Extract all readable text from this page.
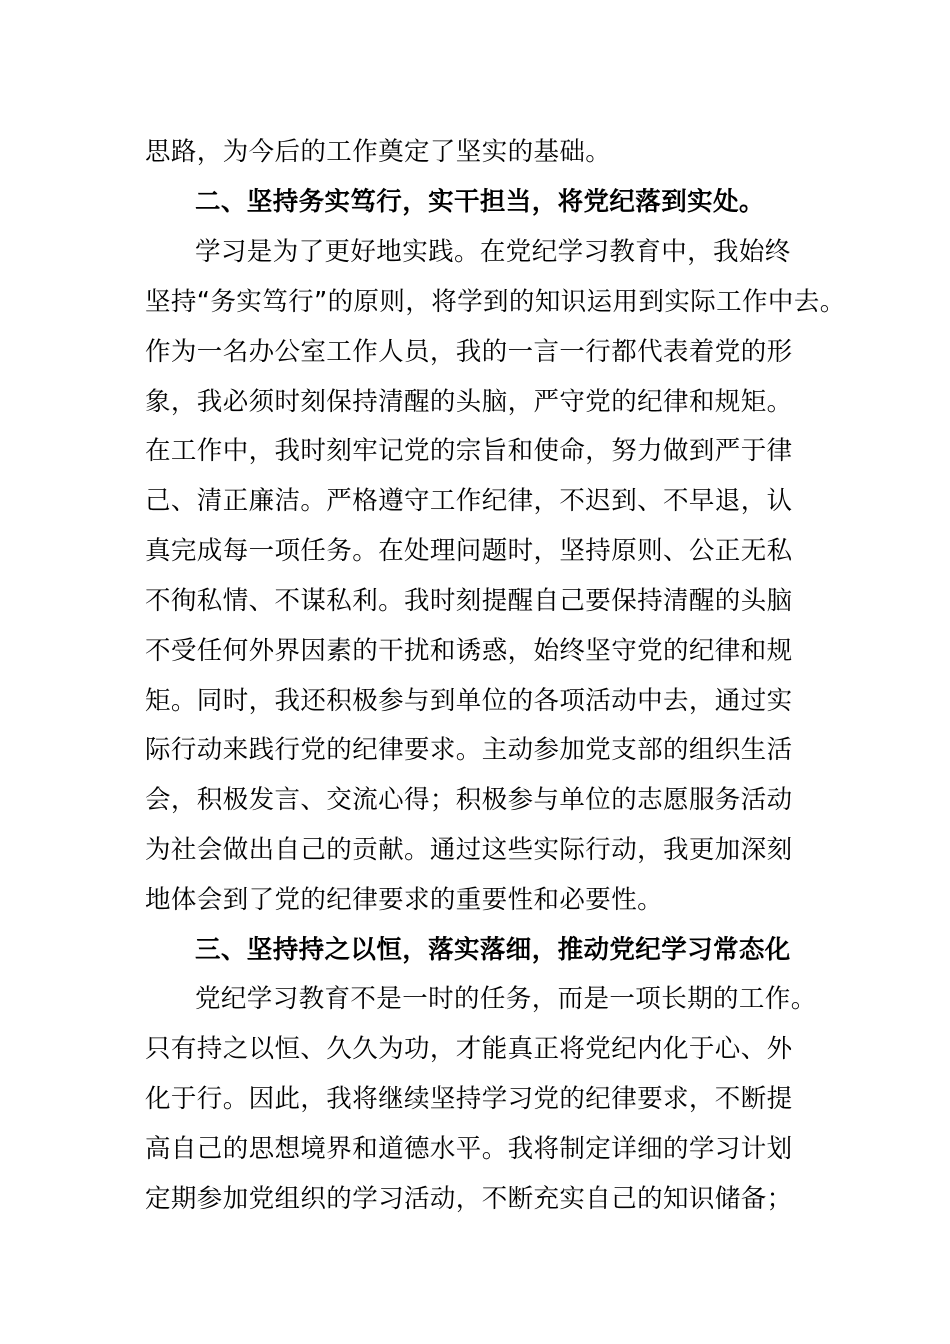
思路，为今后的工作奠定了坚实的基础。
二、坚持务实笃行，实干担当，将党纪落到实处。
学习是为了更好地实践。在党纪学习教育中，我始终
坚持“务实笃行”的原则，将学到的知识运用到实际工作中去。
作为一名办公室工作人员，我的一言一行都代表着党的形
象，我必须时刻保持清醒的头脑，严守党的纪律和规矩。
在工作中，我时刻牢记党的宗旨和使命，努力做到严于律
己、清正廉洁。严格遵守工作纪律，不迟到、不早退，认
真完成每一项任务。在处理问题时，坚持原则、公正无私
不徇私情、不谋私利。我时刻提醒自己要保持清醒的头脑
不受任何外界因素的干扰和诱惑，始终坚守党的纪律和规
矩。同时，我还积极参与到单位的各项活动中去，通过实
际行动来践行党的纪律要求。主动参加党支部的组织生活
会，积极发言、交流心得；积极参与单位的志愿服务活动
为社会做出自己的贡献。通过这些实际行动，我更加深刻
地体会到了党的纪律要求的重要性和必要性。
三、坚持持之以恒，落实落细，推动党纪学习常态化
党纪学习教育不是一时的任务，而是一项长期的工作。
只有持之以恒、久久为功，才能真正将党纪内化于心、外
化于行。因此，我将继续坚持学习党的纪律要求，不断提
高自己的思想境界和道德水平。我将制定详细的学习计划
定期参加党组织的学习活动，不断充实自己的知识储备；
